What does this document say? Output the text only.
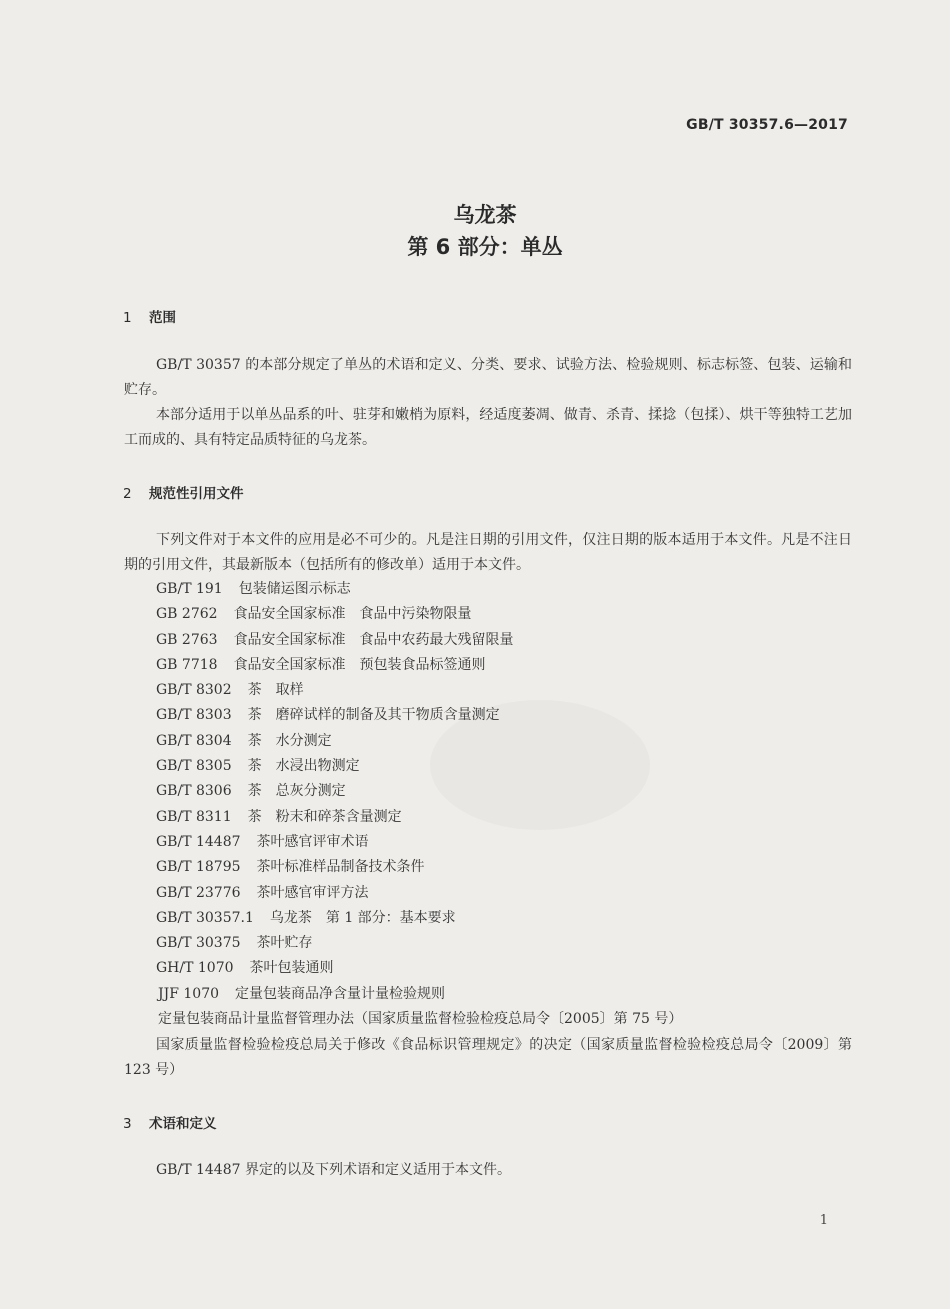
GB/T 30357.6—2017
乌龙茶
第 6 部分：单丛
1 范围
GB/T 30357 的本部分规定了单丛的术语和定义、分类、要求、试验方法、检验规则、标志标签、包装、运输和贮存。
本部分适用于以单丛品系的叶、驻芽和嫩梢为原料，经适度萎凋、做青、杀青、揉捻（包揉）、烘干等独特工艺加工而成的、具有特定品质特征的乌龙茶。
2 规范性引用文件
下列文件对于本文件的应用是必不可少的。凡是注日期的引用文件，仅注日期的版本适用于本文件。凡是不注日期的引用文件，其最新版本（包括所有的修改单）适用于本文件。
GB/T 191 包装储运图示标志
GB 2762 食品安全国家标准　食品中污染物限量
GB 2763 食品安全国家标准　食品中农药最大残留限量
GB 7718 食品安全国家标准　预包装食品标签通则
GB/T 8302 茶　取样
GB/T 8303 茶　磨碎试样的制备及其干物质含量测定
GB/T 8304 茶　水分测定
GB/T 8305 茶　水浸出物测定
GB/T 8306 茶　总灰分测定
GB/T 8311 茶　粉末和碎茶含量测定
GB/T 14487 茶叶感官评审术语
GB/T 18795 茶叶标准样品制备技术条件
GB/T 23776 茶叶感官审评方法
GB/T 30357.1 乌龙茶　第 1 部分：基本要求
GB/T 30375 茶叶贮存
GH/T 1070 茶叶包装通则
JJF 1070 定量包装商品净含量计量检验规则
定量包装商品计量监督管理办法（国家质量监督检验检疫总局令〔2005〕第 75 号）
国家质量监督检验检疫总局关于修改《食品标识管理规定》的决定（国家质量监督检验检疫总局令〔2009〕第 123 号）
3 术语和定义
GB/T 14487 界定的以及下列术语和定义适用于本文件。
1
